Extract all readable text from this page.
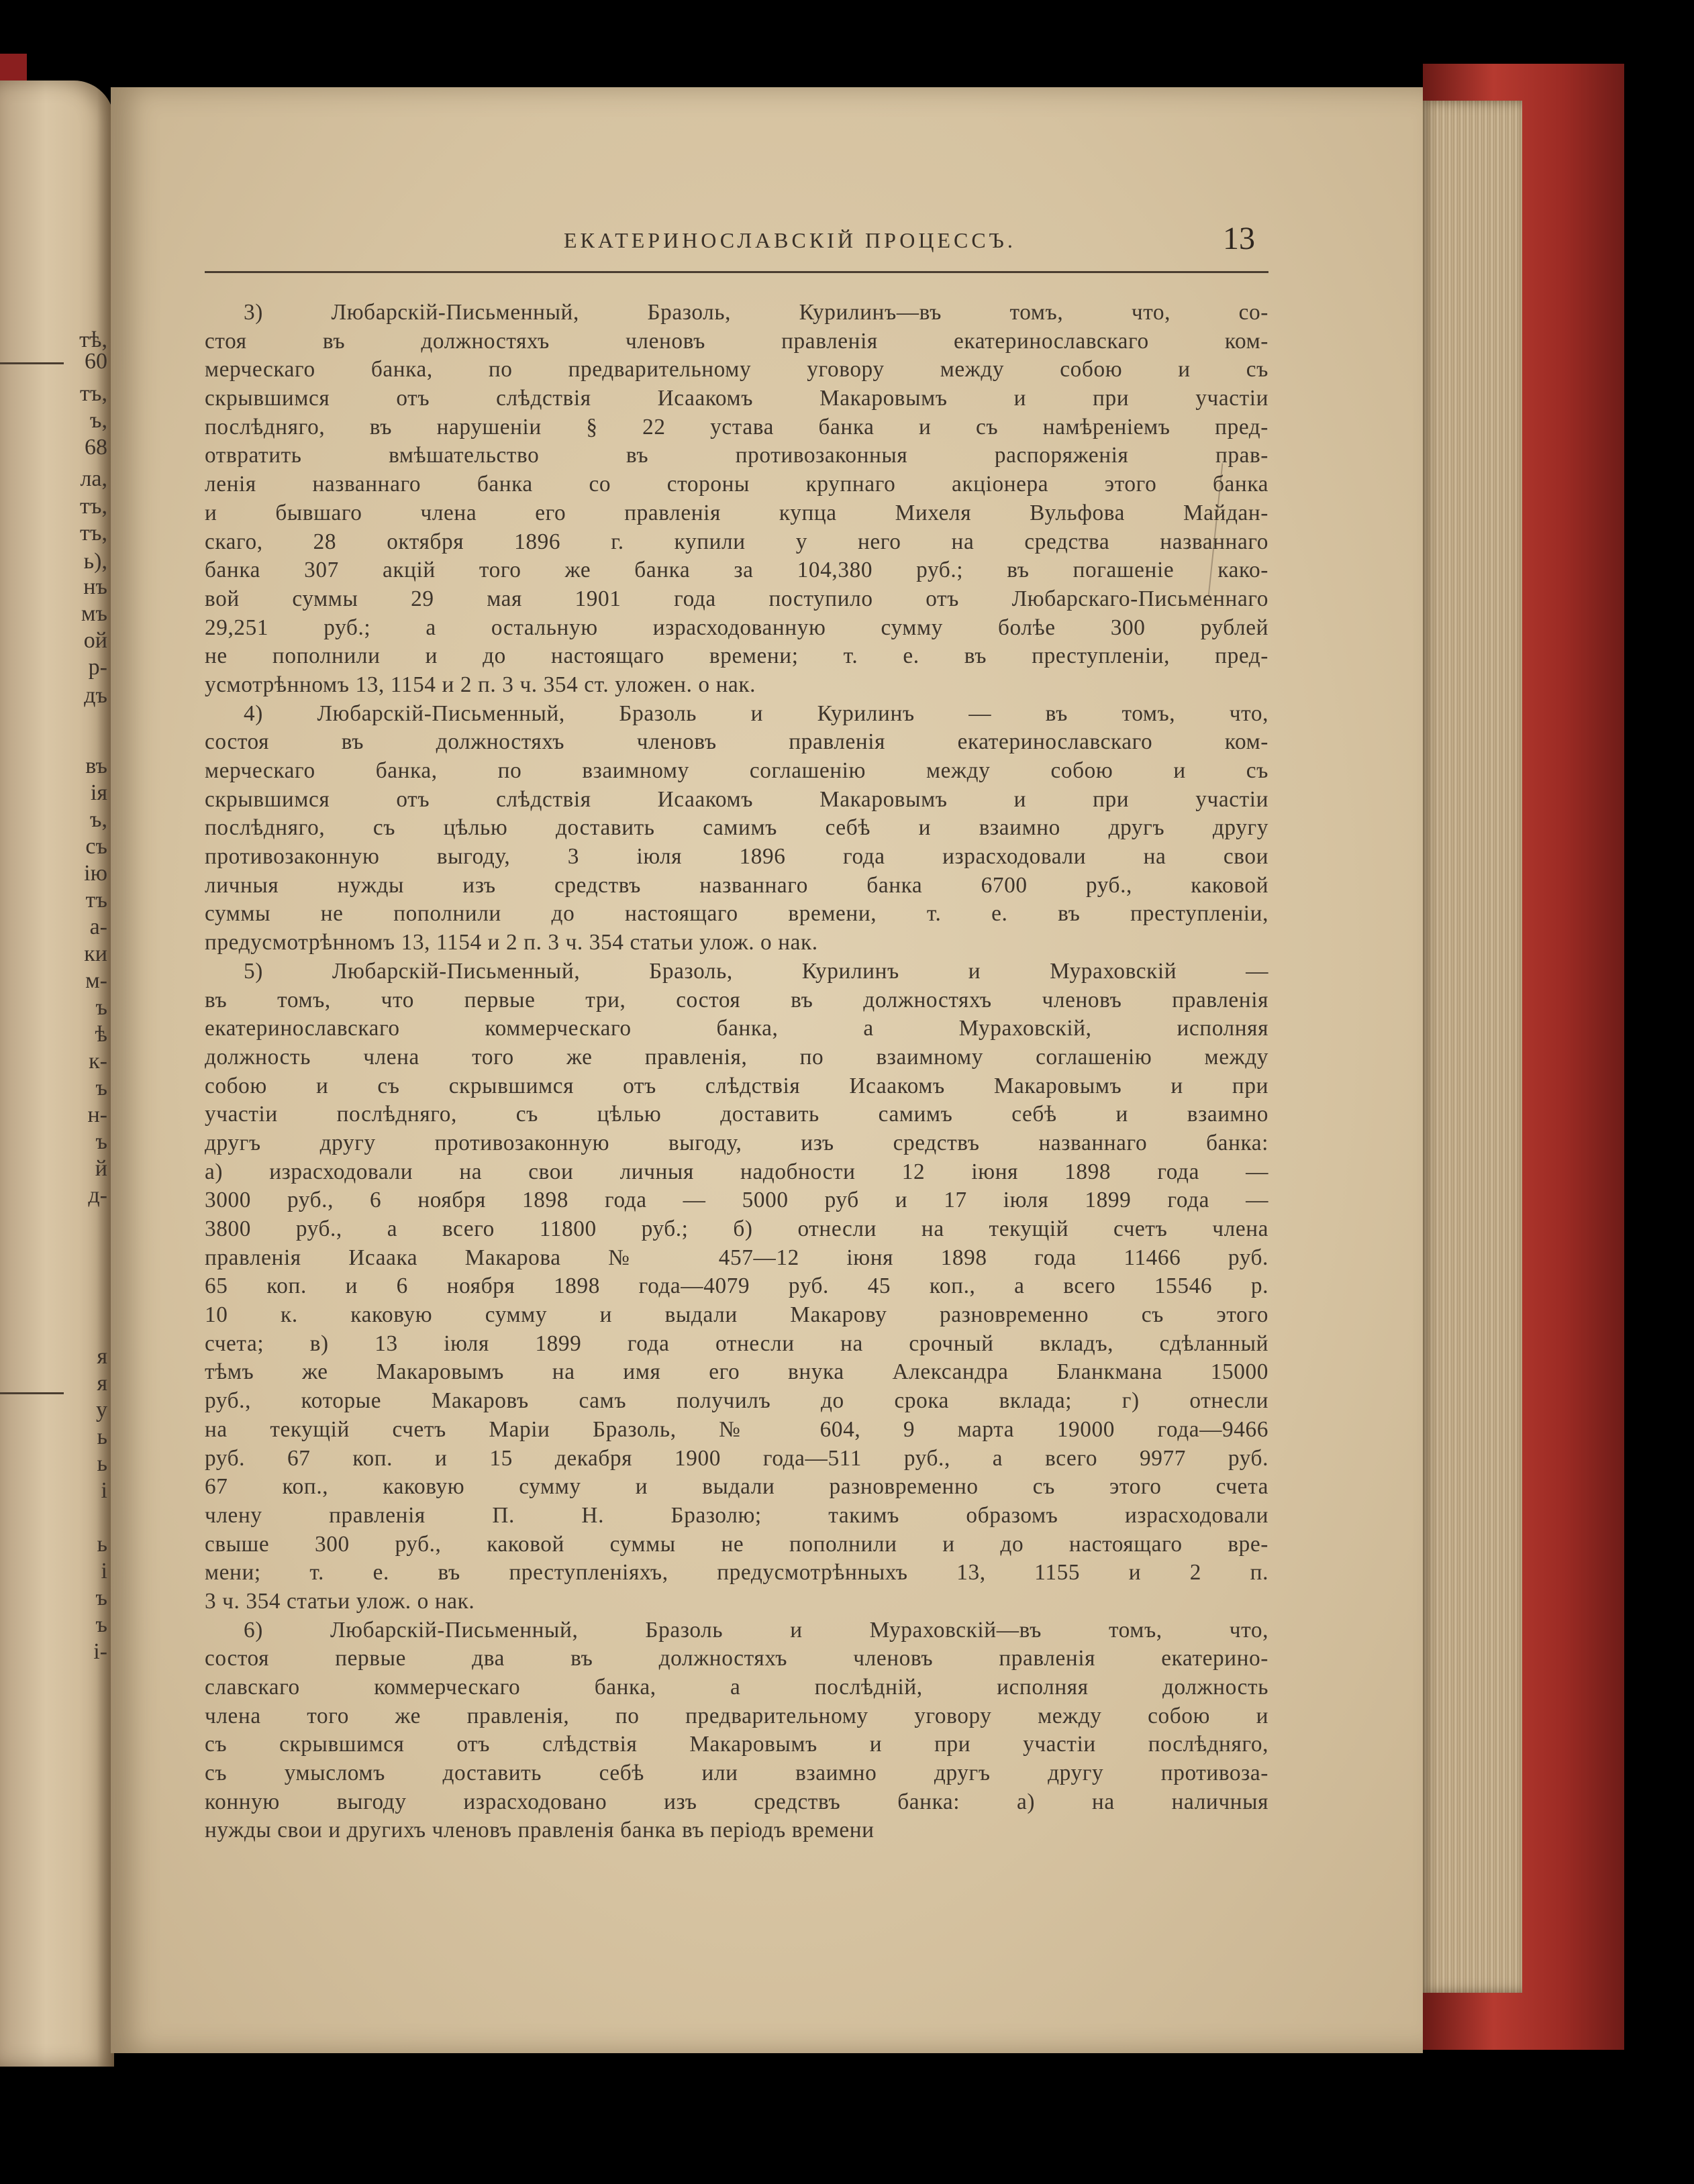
тѣ,
60
тъ,
ъ,
68
ла,
тъ,
тъ,
ь),
нъ
мъ
ой
р-
дъ
въ
ія
ъ,
съ
ію
тъ
а-
ки
м-
ъ
ѣ
к-
ъ
н-
ъ
й
д-
я
я
у
ь
ь
і
ь
і
ъ
ъ
і-
ЕКАТЕРИНОСЛАВСКІЙ ПРОЦЕССЪ.	13
3) Любарскій-Письменный, Бразоль, Курилинъ—въ томъ, что, со-
стоя въ должностяхъ членовъ правленія екатеринославскаго ком-
мерческаго банка, по предварительному уговору между собою и съ
скрывшимся отъ слѣдствія Исаакомъ Макаровымъ и при участіи
послѣдняго, въ нарушеніи § 22 устава банка и съ намѣреніемъ пред-
отвратить вмѣшательство въ противозаконныя распоряженія прав-
ленія названнаго банка со стороны крупнаго акціонера этого банка
и бывшаго члена его правленія купца Михеля Вульфова Майдан-
скаго, 28 октября 1896 г. купили у него на средства названнаго
банка 307 акцій того же банка за 104,380 руб.; въ погашеніе како-
вой суммы 29 мая 1901 года поступило отъ Любарскаго-Письменнаго
29,251 руб.; а остальную израсходованную сумму болѣе 300 рублей
не пополнили и до настоящаго времени; т. е. въ преступленіи, пред-
усмотрѣнномъ 13, 1154 и 2 п. 3 ч. 354 ст. уложен. о нак.
4) Любарскій-Письменный, Бразоль и Курилинъ — въ томъ, что,
состоя въ должностяхъ членовъ правленія екатеринославскаго ком-
мерческаго банка, по взаимному соглашенію между собою и съ
скрывшимся отъ слѣдствія Исаакомъ Макаровымъ и при участіи
послѣдняго, съ цѣлью доставить самимъ себѣ и взаимно другъ другу
противозаконную выгоду, 3 іюля 1896 года израсходовали на свои
личныя нужды изъ средствъ названнаго банка 6700 руб., каковой
суммы не пополнили до настоящаго времени, т. е. въ преступленіи,
предусмотрѣнномъ 13, 1154 и 2 п. 3 ч. 354 статьи улож. о нак.
5) Любарскій-Письменный, Бразоль, Курилинъ и Мураховскій —
въ томъ, что первые три, состоя въ должностяхъ членовъ правленія
екатеринославскаго коммерческаго банка, а Мураховскій, исполняя
должность члена того же правленія, по взаимному соглашенію между
собою и съ скрывшимся отъ слѣдствія Исаакомъ Макаровымъ и при
участіи послѣдняго, съ цѣлью доставить самимъ себѣ и взаимно
другъ другу противозаконную выгоду, изъ средствъ названнаго банка:
а) израсходовали на свои личныя надобности 12 іюня 1898 года —
3000 руб., 6 ноября 1898 года — 5000 руб и 17 іюля 1899 года —
3800 руб., а всего 11800 руб.; б) отнесли на текущій счетъ члена
правленія Исаака Макарова № 457—12 іюня 1898 года 11466 руб.
65 коп. и 6 ноября 1898 года—4079 руб. 45 коп., а всего 15546 р.
10 к. каковую сумму и выдали Макарову разновременно съ этого
счета; в) 13 іюля 1899 года отнесли на срочный вкладъ, сдѣланный
тѣмъ же Макаровымъ на имя его внука Александра Бланкмана 15000
руб., которые Макаровъ самъ получилъ до срока вклада; г) отнесли
на текущій счетъ Маріи Бразоль, № 604, 9 марта 19000 года—9466
руб. 67 коп. и 15 декабря 1900 года—511 руб., а всего 9977 руб.
67 коп., каковую сумму и выдали разновременно съ этого счета
члену правленія П. Н. Бразолю; такимъ образомъ израсходовали
свыше 300 руб., каковой суммы не пополнили и до настоящаго вре-
мени; т. е. въ преступленіяхъ, предусмотрѣнныхъ 13, 1155 и 2 п.
3 ч. 354 статьи улож. о нак.
6) Любарскій-Письменный, Бразоль и Мураховскій—въ томъ, что,
состоя первые два въ должностяхъ членовъ правленія екатерино-
славскаго коммерческаго банка, а послѣдній, исполняя должность
члена того же правленія, по предварительному уговору между собою и
съ скрывшимся отъ слѣдствія Макаровымъ и при участіи послѣдняго,
съ умысломъ доставить себѣ или взаимно другъ другу противоза-
конную выгоду израсходовано изъ средствъ банка: а) на наличныя
нужды свои и другихъ членовъ правленія банка въ періодъ времени
